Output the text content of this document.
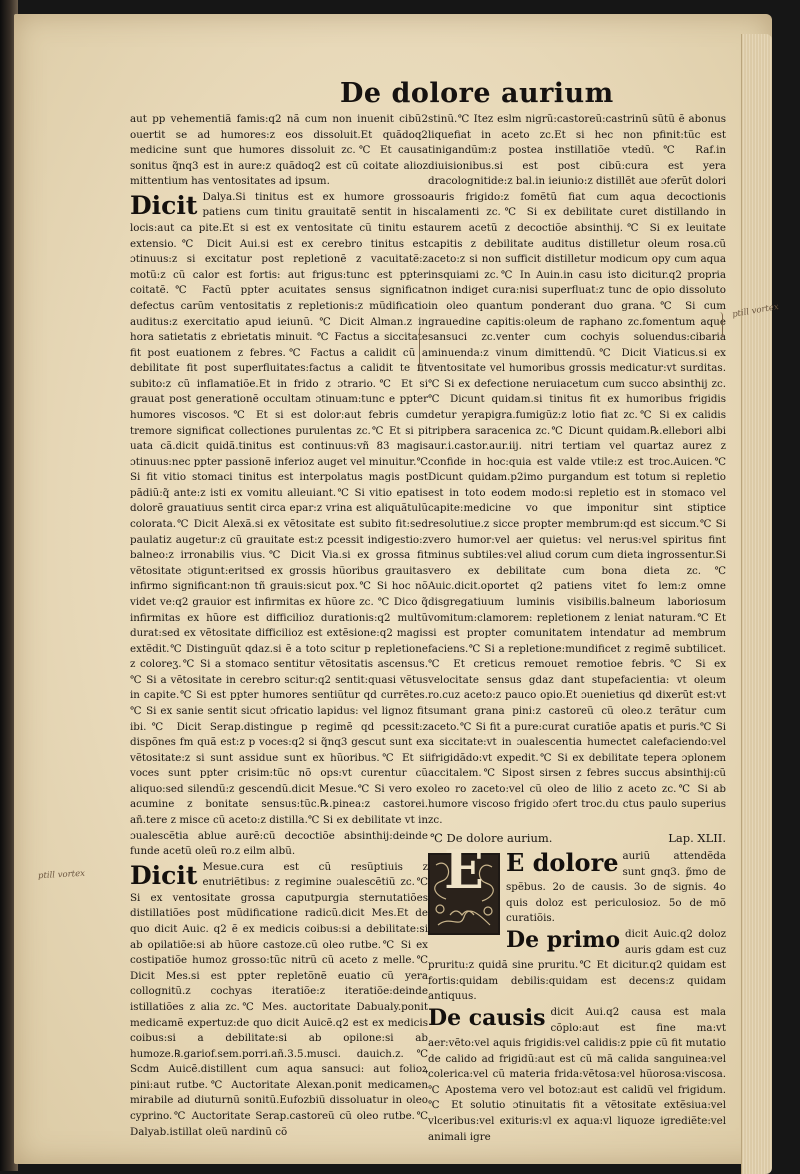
De dolore aurium

aut pp vehementiã famis:q2 nã cum non inuenit cibũ2 ouertit se ad humores:z eos dissoluit.Et quãdoq2 medicine sunt que humores dissoluit zc.℃ Et causa sonitus q̃nq3 est in aure:z quãdoq2 est cũ coitate alioz mittentium has ventositates ad ipsum.

Dicit Dalya.Si tinitus est ex humore grosso patiens cum tinitu grauitatẽ sentit in his locis:aut ca pite.Et si est ex ventositate cũ tinitu est extensio.℃ Dicit Aui.si est ex cerebro tinitus est ɔtinuus:z si excitatur post repletionẽ z vacuitatẽ:z motũ:z cũ calor est fortis: aut frigus:tunc est ppter coitatẽ.℃ Factũ ppter acuitates sensus significat defectus carũm ventositatis z repletionis:z mũdificatio auditus:z exercitatio apud ieiunũ. ℃ Dicit Alman.z in hora satietatis z ebrietatis minuit. ℃ Factus a siccitate fit post euationem z febres.℃ Factus a calidit cũ a debilitate fit post superfluitates:factus a calidit te fit subito:z cũ inflamatiõe.Et in frido z ɔtrario.℃ Et si grauat post generationẽ occultam ɔtinuam:tunc e ppter humores viscosos.℃ Et si est dolor:aut febris cum tremore significat collectiones purulentas zc.℃ Et si pi uata cã.dicit quidã.tinitus est continuus:vñ 83 magis ɔtinuus:nec ppter passionẽ inferioz auget vel minuitur.℃ Si fit vitio stomaci tinitus est interpolatus magis post pãdiũ:q̃ ante:z isti ex vomitu alleuiant.℃ Si vitio epatis dolorẽ grauatiuus sentit circa epar:z vrina est aliquãtulũ colorata.℃ Dicit Alexã.si ex vẽtositate est subito fit:sed paulatiz augetur:z cũ grauitate est:z pcessit indigestio:z balneo:z irronabilis vius.℃ Dicit Via.si ex grossa fit vẽtositate ɔtigunt:eritsed ex grossis hũoribus grauitas infirmo significant:non tñ grauis:sicut pox.℃ Si hoc nõ videt ve:q2 grauior est infirmitas ex hũore zc. ℃ Dico q̃ infirmitas ex hũore est difficilioz durationis:q2 multũ durat:sed ex vẽtositate difficilioz est extẽsione:q2 magis extẽdit.℃ Distinguũt qdaz.si ẽ a toto scitur p repletione z coloreʒ.℃ Si a stomaco sentitur vẽtositatis ascensus.℃ Si a vẽtositate in cerebro scitur:q2 sentit:quasi vẽtus in capite.℃ Si est ppter humores sentiũtur qd currẽtes.℃ Si ex sanie sentit sicut ɔfricatio lapidus: vel lignoz fit ibi.℃ Dicit Serap.distingue p regimẽ qd pcessit:z dispõnes fm quã est:z p voces:q2 si q̃nq3 gescut sunt ex vẽtositate:z si sunt assidue sunt ex hũoribus.℃ Et si voces sunt ppter crisim:tũc nõ ops:vt curentur cũ aliquo:sed silendũ:z gescendũ.dicit Mesue.℃ Si vero ex acumine z bonitate sensus:tũc.℞.pinea:z castorei. añ.tere z misce cũ aceto:z distilla.℃ Si ex debilitate vt in ɔualescẽtia ablue aurẽ:cũ decoctiõe absinthij:deinde funde acetũ oleũ ro.z eilm albũ.

Dicit Mesue.cura est cũ resũptiuis z enutriẽtibus: z regimine ɔualescẽtiũ zc.℃ Si ex ventositate grossa caputpurgia sternutatiões distillatiões post mũdificatione radicũ.dicit Mes.Et de quo dicit Auic. q2 ẽ ex medicis coibus:si a debilitate:si ab opilatiõe:si ab hũore castoze.cũ oleo rutbe.℃ Si ex costipatiõe humoz grosso:tũc nitrũ cũ aceto z melle.℃ Dicit Mes.si est ppter repletõnẽ euatio cũ yera collognitũ.z cochyas iteratiõe:z iteratiõe:deinde istillatiões z alia zc.℃ Mes. auctoritate Dabualy.ponit medicamẽ expertuz:de quo dicit Auicẽ.q2 est ex medicis coibus:si a debilitate:si ab opilone:si ab humoze.℞.gariof.sem.porri.añ.3.5.musci. dauich.z.℃ Scdm Auicẽ.distillent cum aqua sansuci: aut folioꝝ pini:aut rutbe.℃ Auctoritate Alexan.ponit medicamen mirabile ad diuturnũ sonitũ.Eufozbiũ dissoluatur in oleo cyprino.℃ Auctoritate Serap.castoreũ cũ oleo rutbe.℃ Dalyab.istillat oleũ nardinũ cõ

stinũ.℃ Itez eslm nigrũ:castoreũ:castrinũ sũtũ ẽ abonus liquefiat in aceto zc.Et si hec non pfinit:tũc est tinigandũm:z postea instillatiõe vtedũ.℃ Raf.in diuisionibus.si est post cibũ:cura est yera dracolognitide:z bal.in ieiunio:z distillẽt aue ɔferũt dolori auris frigido:z fomẽtũ fiat cum aqua decoctionis calamenti zc.℃ Si ex debilitate curet distillando in aurem acetũ z decoctiõe absinthij.℃ Si ex leuitate capitis z debilitate auditus distilletur oleum rosa.cũ aceto:z si non sufficit distilletur modicum opy cum aqua insquiami zc.℃ In Auin.in casu isto dicitur.q2 propria non indiget cura:nisi superfluat:z tunc de opio dissoluto in oleo quantum ponderant duo grana.℃ Si cum grauedine capitis:oleum de raphano zc.fomentum aque sansuci zc.venter cum cochyis soluendus:cibaria minuenda:z vinum dimittendũ.℃ Dicit Viaticus.si ex ventositate vel humoribus grossis medicatur:vt surditas.℃ Si ex defectione neruiacetum cum succo absinthij zc.℃ Dicunt quidam.si tinitus fit ex humoribus frigidis detur yerapigra.fumigũz:z lotio fiat zc.℃ Si ex calidis tripbera saracenica zc.℃ Dicunt quidam.℞.ellebori albi aur.i.castor.aur.iij. nitri tertiam vel quartaz aurez z confide in hoc:quia est valde vtile:z est troc.Auicen.℃ Dicunt quidam.p2imo purgandum est totum si repletio est in toto eodem modo:si repletio est in stomaco vel capite:medicine vo que imponitur sint stiptice resolutiue.z sicce propter membrum:qd est siccum.℃ Si vero humor:vel aer quietus: vel nerus:vel spiritus fint minus subtiles:vel aliud corum cum dieta ingrossentur.Si vero ex debilitate cum bona dieta zc.℃ Auic.dicit.oportet q2 patiens vitet fo lem:z omne disgregatiuum luminis visibilis.balneum laboriosum vomitum:clamorem: repletionem z leniat naturam.℃ Et si est propter comunitatem intendatur ad membrum faciens.℃ Si a repletione:mundificet z regimẽ subtilicet.℃ Et creticus remouet remotioe febris.℃ Si ex velocitate sensus gdaz dant stupefacientia: vt oleum ro.cuz aceto:z pauco opio.Et ɔuenietius qd dixerũt est:vt sumant grana pini:z castoreũ cũ oleo.z terãtur cum aceto.℃ Si fit a pure:curat curatiõe apatis et puris.℃ Si a siccitate:vt in ɔualescentia humectet calefaciendo:vel ifrigidãdo:vt expedit.℃ Si ex debilitate tepera ɔplonem accitalem.℃ Sipost sirsen z febres succus absinthij:cũ oleo ro zaceto:vel cũ oleo de lilio z aceto zc.℃ Si ab humore viscoso frigido ɔfert troc.du ctus paulo superius zc.

℃ De dolore aurium.	Lap. XLII.
E E dolore auriũ attendẽda sunt gnq3. p̃mo de spẽbus. 2o de causis. 3o de signis. 4o quis doloz est periculosioz. 5o de mõ curatiõis.

De primo dicit Auic.q2 doloz auris gdam est cuz pruritu:z quidã sine pruritu.℃ Et dicitur.q2 quidam est fortis:quidam debilis:quidam est decens:z quidam antiquus.

De causis dicit Aui.q2 causa est mala cõplo:aut est fine ma:vt aer:vẽto:vel aquis frigidis:vel calidis:z ppie cũ fit mutatio de calido ad frigidũ:aut est cũ mã calida sanguinea:vel colerica:vel cũ materia frida:vẽtosa:vel hũorosa:viscosa.℃ Apostema vero vel botoz:aut est calidũ vel frigidum.℃ Et solutio ɔtinuitatis fit a vẽtositate extẽsiua:vel vlceribus:vel exituris:vl ex aqua:vl liquoze igrediẽte:vel animali igre

ptill vortex
ptill vortex
